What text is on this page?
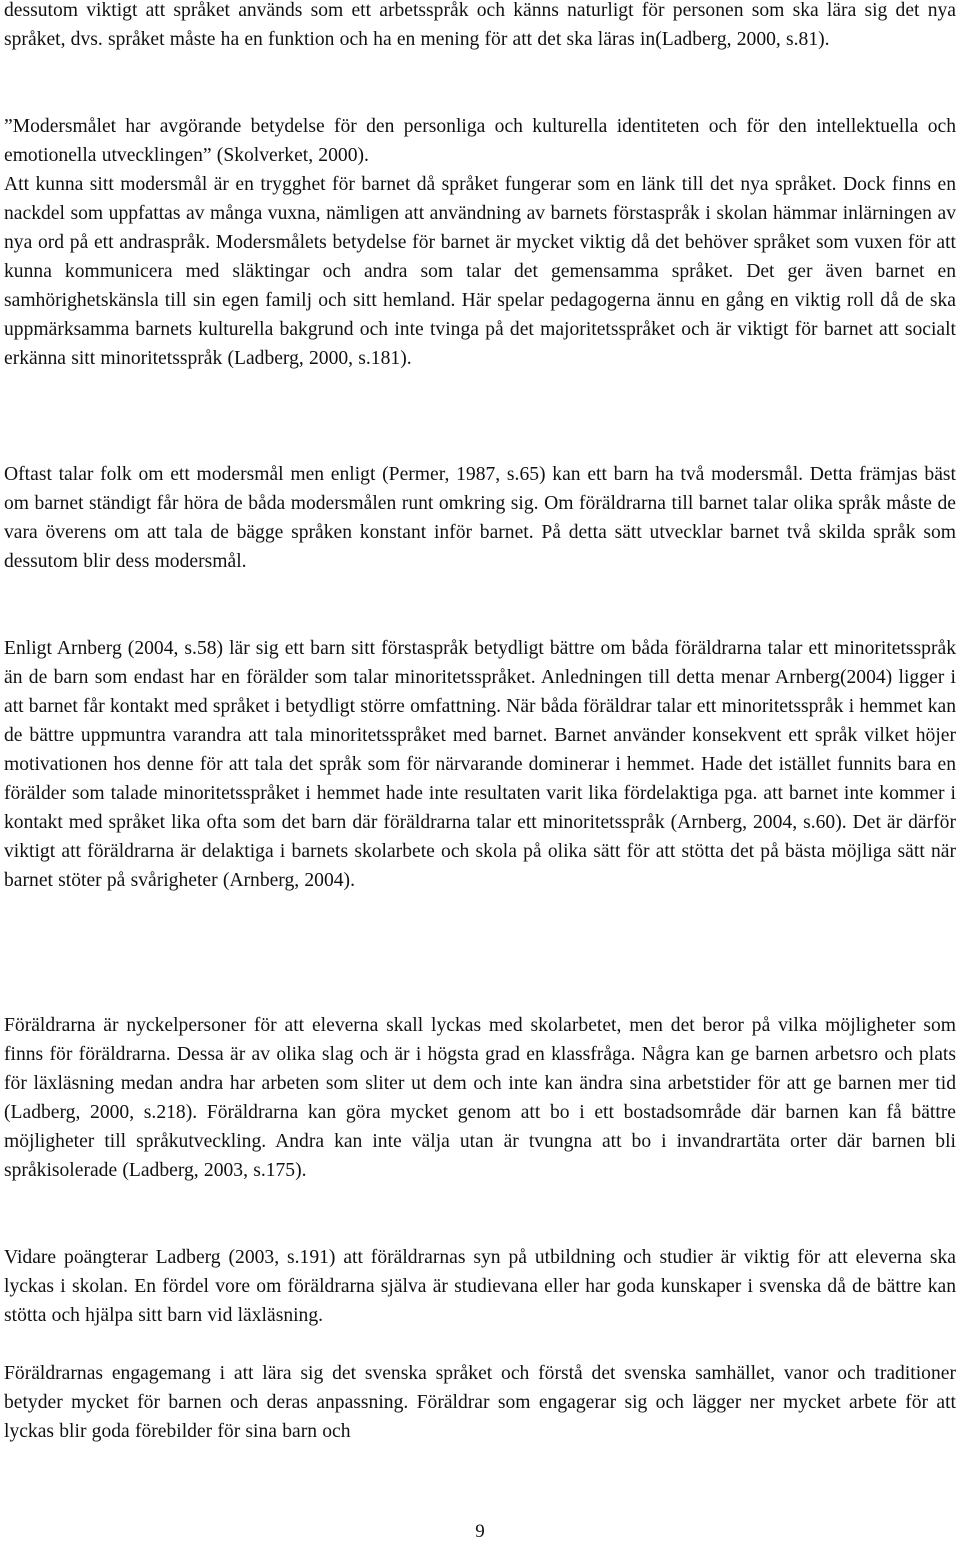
dessutom viktigt att språket används som ett arbetsspråk och känns naturligt för personen som ska lära sig det nya språket, dvs. språket måste ha en funktion och ha en mening för att det ska läras in(Ladberg, 2000, s.81).

”Modersmålet har avgörande betydelse för den personliga och kulturella identiteten och för den intellektuella och emotionella utvecklingen” (Skolverket, 2000).

Att kunna sitt modersmål är en trygghet för barnet då språket fungerar som en länk till det nya språket. Dock finns en nackdel som uppfattas av många vuxna, nämligen att användning av barnets förstaspråk i skolan hämmar inlärningen av nya ord på ett andraspråk. Modersmålets betydelse för barnet är mycket viktig då det behöver språket som vuxen för att kunna kommunicera med släktingar och andra som talar det gemensamma språket. Det ger även barnet en samhörighetskänsla till sin egen familj och sitt hemland. Här spelar pedagogerna ännu en gång en viktig roll då de ska uppmärksamma barnets kulturella bakgrund och inte tvinga på det majoritetsspråket och är viktigt för barnet att socialt erkänna sitt minoritetsspråk (Ladberg, 2000, s.181).

Oftast talar folk om ett modersmål men enligt (Permer, 1987, s.65) kan ett barn ha två modersmål. Detta främjas bäst om barnet ständigt får höra de båda modersmålen runt omkring sig. Om föräldrarna till barnet talar olika språk måste de vara överens om att tala de bägge språken konstant inför barnet. På detta sätt utvecklar barnet två skilda språk som dessutom blir dess modersmål.

Enligt Arnberg (2004, s.58) lär sig ett barn sitt förstaspråk betydligt bättre om båda föräldrarna talar ett minoritetsspråk än de barn som endast har en förälder som talar minoritetsspråket. Anledningen till detta menar Arnberg(2004) ligger i att barnet får kontakt med språket i betydligt större omfattning. När båda föräldrar talar ett minoritetsspråk i hemmet kan de bättre uppmuntra varandra att tala minoritetsspråket med barnet. Barnet använder konsekvent ett språk vilket höjer motivationen hos denne för att tala det språk som för närvarande dominerar i hemmet. Hade det istället funnits bara en förälder som talade minoritetsspråket i hemmet hade inte resultaten varit lika fördelaktiga pga. att barnet inte kommer i kontakt med språket lika ofta som det barn där föräldrarna talar ett minoritetsspråk (Arnberg, 2004, s.60). Det är därför viktigt att föräldrarna är delaktiga i barnets skolarbete och skola på olika sätt för att stötta det på bästa möjliga sätt när barnet stöter på svårigheter (Arnberg, 2004).

Föräldrarna är nyckelpersoner för att eleverna skall lyckas med skolarbetet, men det beror på vilka möjligheter som finns för föräldrarna. Dessa är av olika slag och är i högsta grad en klassfråga. Några kan ge barnen arbetsro och plats för läxläsning medan andra har arbeten som sliter ut dem och inte kan ändra sina arbetstider för att ge barnen mer tid (Ladberg, 2000, s.218). Föräldrarna kan göra mycket genom att bo i ett bostadsområde där barnen kan få bättre möjligheter till språkutveckling. Andra kan inte välja utan är tvungna att bo i invandrartäta orter där barnen bli språkisolerade (Ladberg, 2003, s.175).

Vidare poängterar Ladberg (2003, s.191) att föräldrarnas syn på utbildning och studier är viktig för att eleverna ska lyckas i skolan. En fördel vore om föräldrarna själva är studievana eller har goda kunskaper i svenska då de bättre kan stötta och hjälpa sitt barn vid läxläsning.

Föräldrarnas engagemang i att lära sig det svenska språket och förstå det svenska samhället, vanor och traditioner betyder mycket för barnen och deras anpassning. Föräldrar som engagerar sig och lägger ner mycket arbete för att lyckas blir goda förebilder för sina barn och

9
